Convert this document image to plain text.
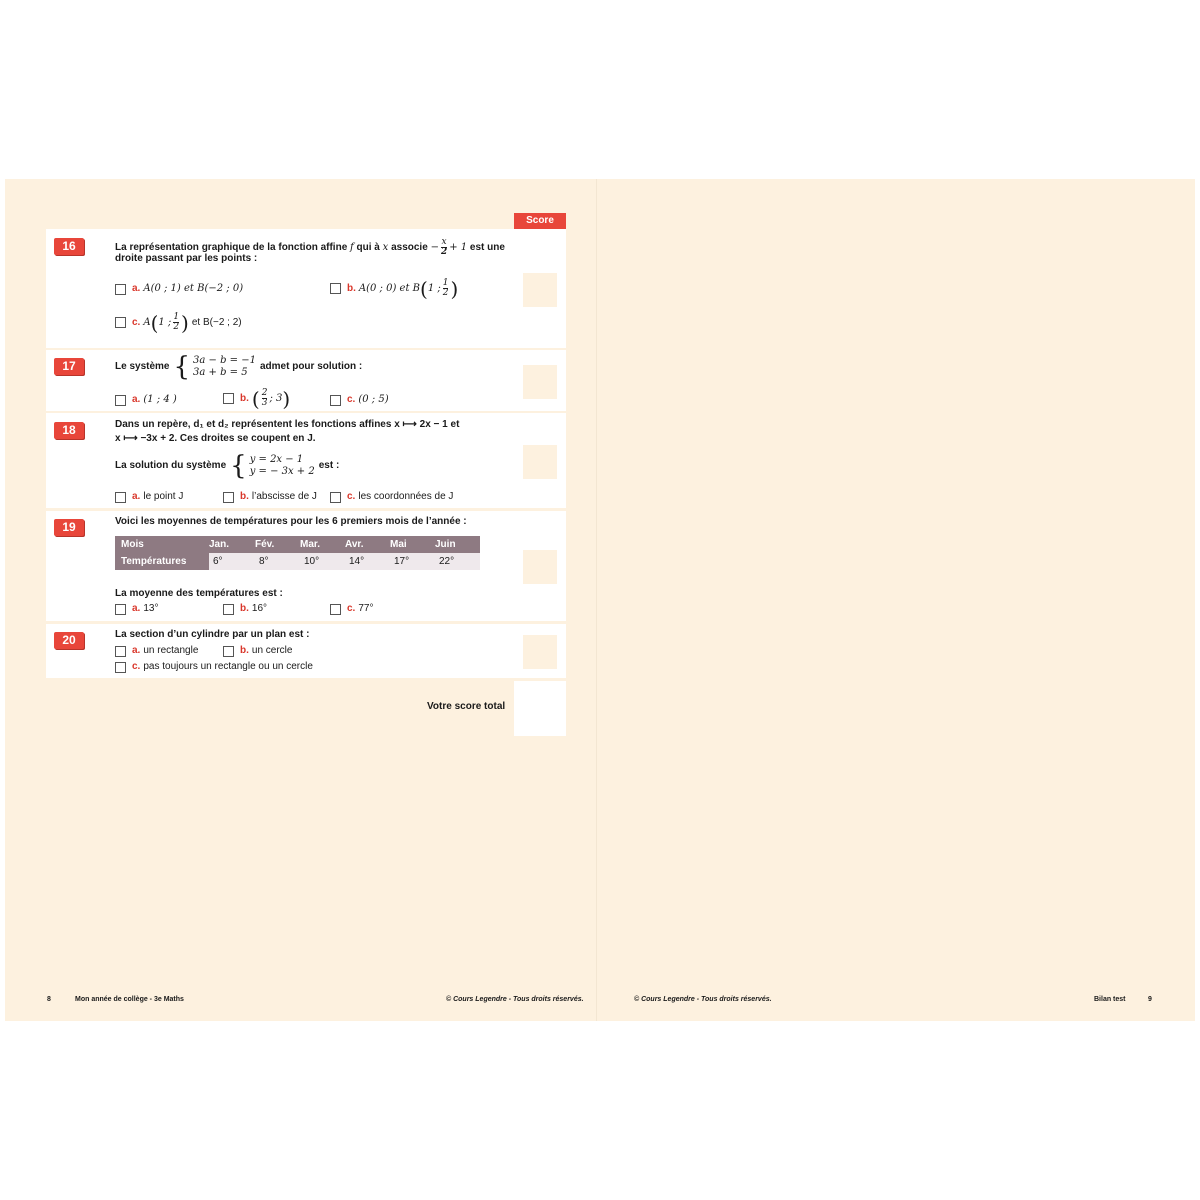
Score
16	La représentation graphique de la fonction affine f qui à x associe − $\frac{x}{2} + 1$ est une
droite passant par les points :
a. A(0 ; 1) et B(−2 ; 0)	b. A(0 ; 0) et B ( 1 ; $\frac{1}{2}$ )
c. A ( 1 ; $\frac{1}{2}$ ) et B(−2 ; 2)
17	Le système { 3a − b = −1
3a + b = 5
admet pour solution :
a. (1 ; 4 )	b. ( $\frac{2}{3}$ ; 3 )	c. (0 ; 5)
18	Dans un repère, d₁ et d₂ représentent les fonctions affines x ⟼ 2x − 1 et
x ⟼ −3x + 2. Ces droites se coupent en J.
La solution du système { y = 2x − 1
y = − 3x + 2
est :
a. le point J	b. l’abscisse de J	c. les coordonnées de J
19	Voici les moyennes de températures pour les 6 premiers mois de l’année :
Mois	Jan.	Fév.	Mar.	Avr.	Mai	Juin
Températures	6°	8°	10°	14°	17°	22°
La moyenne des températures est :
a. 13°	b. 16°	c. 77°
20	La section d’un cylindre par un plan est :
a. un rectangle	b. un cercle
c. pas toujours un rectangle ou un cercle
Votre score total
8	Mon année de collège - 3e Maths	© Cours Legendre - Tous droits réservés.	© Cours Legendre - Tous droits réservés.	Bilan test	9
